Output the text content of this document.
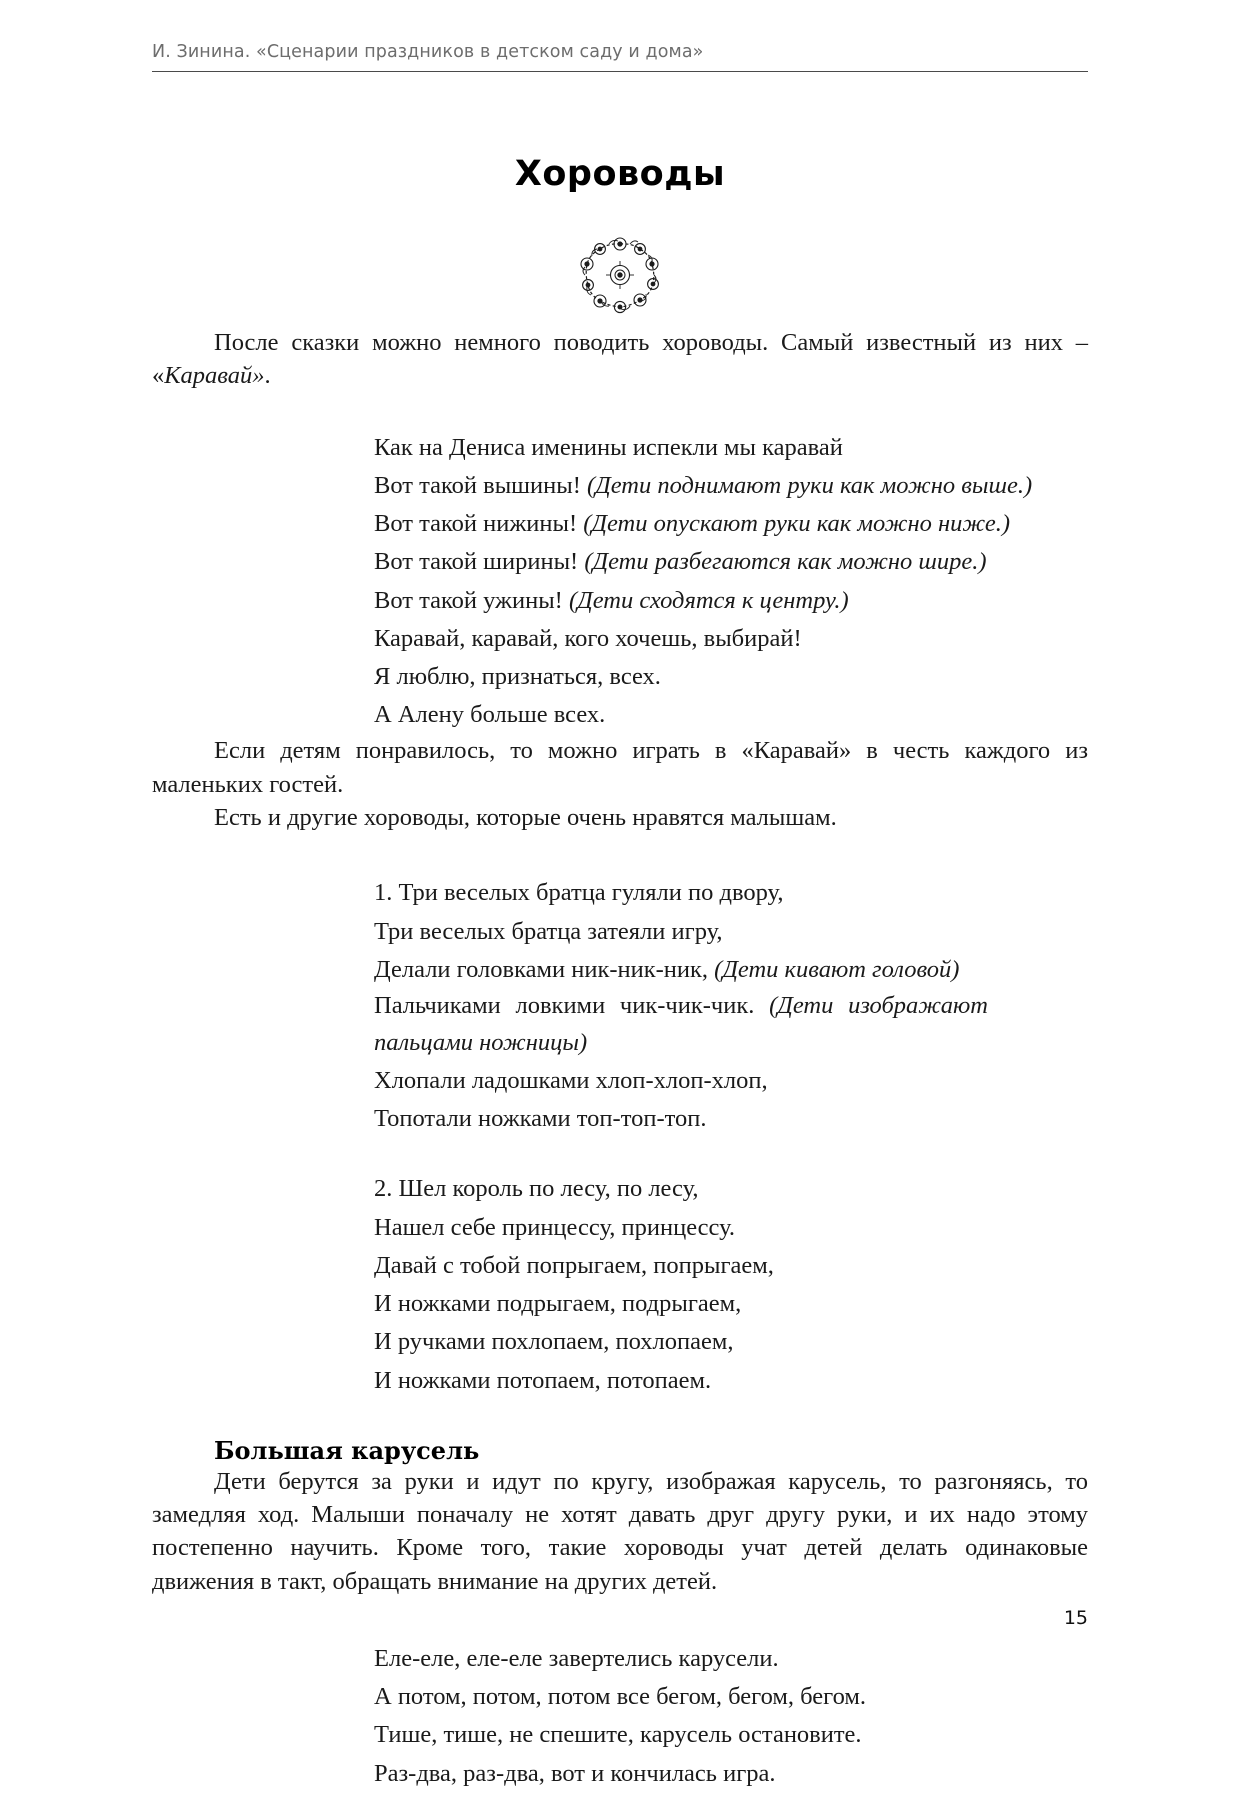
И. Зинина. «Сценарии праздников в детском саду и дома»
Хороводы

После сказки можно немного поводить хороводы. Самый известный из них – «Каравай».

Как на Дениса именины испекли мы каравай
Вот такой вышины! (Дети поднимают руки как можно выше.)
Вот такой нижины! (Дети опускают руки как можно ниже.)
Вот такой ширины! (Дети разбегаются как можно шире.)
Вот такой ужины! (Дети сходятся к центру.)
Каравай, каравай, кого хочешь, выбирай!
Я люблю, признаться, всех.
А Алену больше всех.

Если детям понравилось, то можно играть в «Каравай» в честь каждого из маленьких гостей.

Есть и другие хороводы, которые очень нравятся малышам.

1. Три веселых братца гуляли по двору,
Три веселых братца затеяли игру,
Делали головками ник-ник-ник, (Дети кивают головой)
Пальчиками ловкими чик-чик-чик. (Дети изображают
пальцами ножницы)
Хлопали ладошками хлоп-хлоп-хлоп,
Топотали ножками топ-топ-топ.
2. Шел король по лесу, по лесу,
Нашел себе принцессу, принцессу.
Давай с тобой попрыгаем, попрыгаем,
И ножками подрыгаем, подрыгаем,
И ручками похлопаем, похлопаем,
И ножками потопаем, потопаем.
Большая карусель

Дети берутся за руки и идут по кругу, изображая карусель, то разгоняясь, то замедляя ход. Малыши поначалу не хотят давать друг другу руки, и их надо этому постепенно научить. Кроме того, такие хороводы учат детей делать одинаковые движения в такт, обращать внимание на других детей.

Еле-еле, еле-еле завертелись карусели.
А потом, потом, потом все бегом, бегом, бегом.
Тише, тише, не спешите, карусель остановите.
Раз-два, раз-два, вот и кончилась игра.
15
